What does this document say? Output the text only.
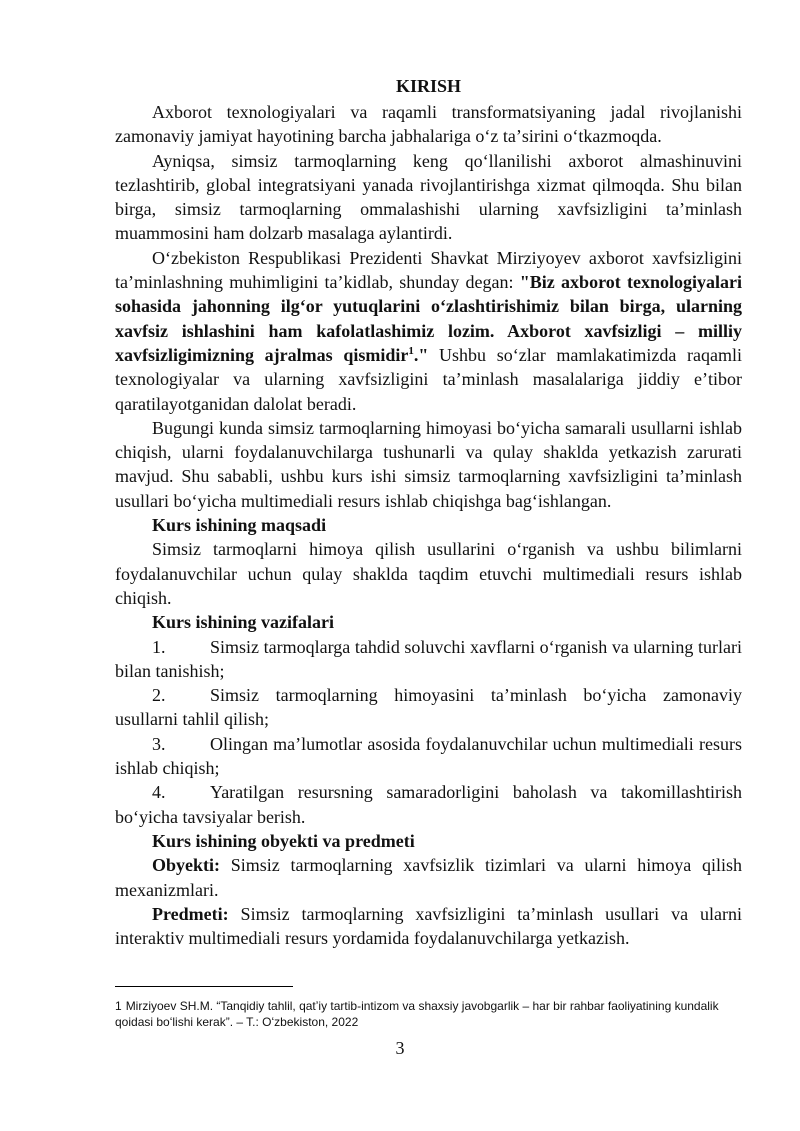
KIRISH

Axborot texnologiyalari va raqamli transformatsiyaning jadal rivojlanishi zamonaviy jamiyat hayotining barcha jabhalariga oʻz taʼsirini oʻtkazmoqda.

Ayniqsa, simsiz tarmoqlarning keng qoʻllanilishi axborot almashinuvini tezlashtirib, global integratsiyani yanada rivojlantirishga xizmat qilmoqda. Shu bilan birga, simsiz tarmoqlarning ommalashishi ularning xavfsizligini taʼminlash muammosini ham dolzarb masalaga aylantirdi.

Oʻzbekiston Respublikasi Prezidenti Shavkat Mirziyoyev axborot xavfsizligini taʼminlashning muhimligini taʼkidlab, shunday degan: "Biz axborot texnologiyalari sohasida jahonning ilgʻor yutuqlarini oʻzlashtirishimiz bilan birga, ularning xavfsiz ishlashini ham kafolatlashimiz lozim. Axborot xavfsizligi – milliy xavfsizligimizning ajralmas qismidir$^1$." Ushbu soʻzlar mamlakatimizda raqamli texnologiyalar va ularning xavfsizligini taʼminlash masalalariga jiddiy eʼtibor qaratilayotganidan dalolat beradi.

Bugungi kunda simsiz tarmoqlarning himoyasi boʻyicha samarali usullarni ishlab chiqish, ularni foydalanuvchilarga tushunarli va qulay shaklda yetkazish zarurati mavjud. Shu sababli, ushbu kurs ishi simsiz tarmoqlarning xavfsizligini taʼminlash usullari boʻyicha multimediali resurs ishlab chiqishga bagʻishlangan.

Kurs ishining maqsadi

Simsiz tarmoqlarni himoya qilish usullarini oʻrganish va ushbu bilimlarni foydalanuvchilar uchun qulay shaklda taqdim etuvchi multimediali resurs ishlab chiqish.

Kurs ishining vazifalari

1. Simsiz tarmoqlarga tahdid soluvchi xavflarni oʻrganish va ularning turlari bilan tanishish;

2. Simsiz tarmoqlarning himoyasini taʼminlash boʻyicha zamonaviy usullarni tahlil qilish;

3. Olingan maʼlumotlar asosida foydalanuvchilar uchun multimediali resurs ishlab chiqish;

4. Yaratilgan resursning samaradorligini baholash va takomillashtirish boʻyicha tavsiyalar berish.

Kurs ishining obyekti va predmeti

Obyekti: Simsiz tarmoqlarning xavfsizlik tizimlari va ularni himoya qilish mexanizmlari.

Predmeti: Simsiz tarmoqlarning xavfsizligini taʼminlash usullari va ularni interaktiv multimediali resurs yordamida foydalanuvchilarga yetkazish.

1 Mirziyoev SH.M. “Tanqidiy tahlil, qatʼiy tartib-intizom va shaxsiy javobgarlik – har bir rahbar faoliyatining kundalik qoidasi boʻlishi kerak”. – T.: Oʻzbekiston, 2022
3
